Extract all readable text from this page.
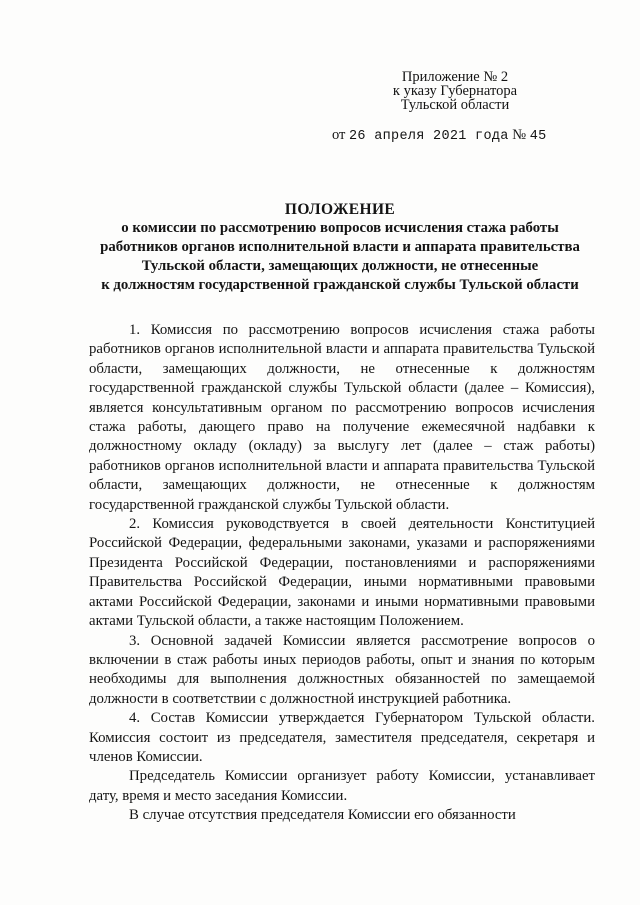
Приложение № 2
к указу Губернатора
Тульской области
от 26 апреля 2021 года № 45
ПОЛОЖЕНИЕ
о комиссии по рассмотрению вопросов исчисления стажа работы
работников органов исполнительной власти и аппарата правительства
Тульской области, замещающих должности, не отнесенные
к должностям государственной гражданской службы Тульской области

1. Комиссия по рассмотрению вопросов исчисления стажа работы работников органов исполнительной власти и аппарата правительства Тульской области, замещающих должности, не отнесенные к должностям государственной гражданской службы Тульской области (далее – Комиссия), является консультативным органом по рассмотрению вопросов исчисления стажа работы, дающего право на получение ежемесячной надбавки к должностному окладу (окладу) за выслугу лет (далее – стаж работы) работников органов исполнительной власти и аппарата правительства Тульской области, замещающих должности, не отнесенные к должностям государственной гражданской службы Тульской области.

2. Комиссия руководствуется в своей деятельности Конституцией Российской Федерации, федеральными законами, указами и распоряжениями Президента Российской Федерации, постановлениями и распоряжениями Правительства Российской Федерации, иными нормативными правовыми актами Российской Федерации, законами и иными нормативными правовыми актами Тульской области, а также настоящим Положением.

3. Основной задачей Комиссии является рассмотрение вопросов о включении в стаж работы иных периодов работы, опыт и знания по которым необходимы для выполнения должностных обязанностей по замещаемой должности в соответствии с должностной инструкцией работника.

4. Состав Комиссии утверждается Губернатором Тульской области. Комиссия состоит из председателя, заместителя председателя, секретаря и членов Комиссии.

Председатель Комиссии организует работу Комиссии, устанавливает дату, время и место заседания Комиссии.

В случае отсутствия председателя Комиссии его обязанности
